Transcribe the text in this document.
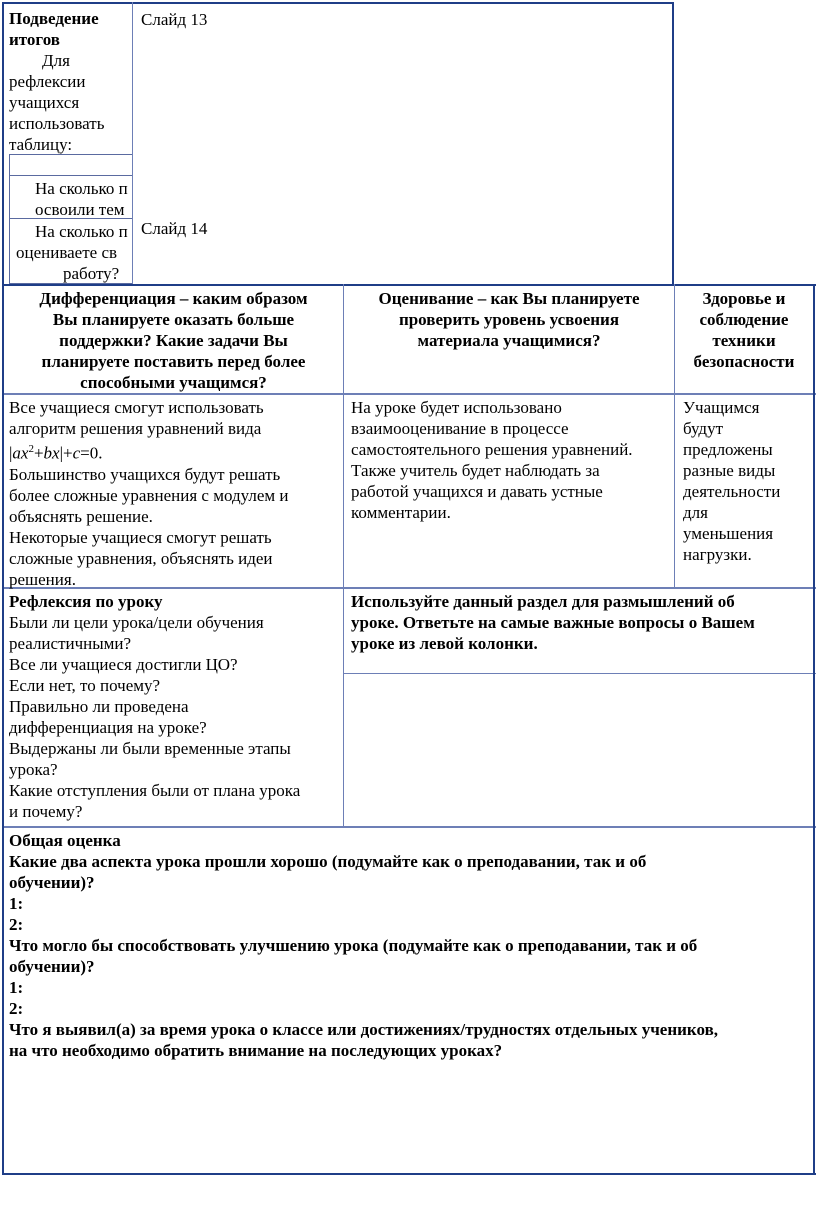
Подведение
итогов
Для
рефлексии
учащихся
использовать
таблицу:
На сколько п
освоили тем
На сколько п
оцениваете св
работу?
Слайд 13
Слайд 14
Дифференциация – каким образом
Вы планируете оказать больше
поддержки? Какие задачи Вы
планируете поставить перед более
способными учащимся?
Оценивание – как Вы планируете
проверить уровень усвоения
материала учащимися?
Здоровье и
соблюдение
техники
безопасности
Все учащиеся смогут использовать
алгоритм решения уравнений вида
$|ax^2+bx|+c=0$.
Большинство учащихся будут решать
более сложные уравнения с модулем и
объяснять решение.
Некоторые учащиеся смогут решать
сложные уравнения, объяснять идеи
решения.
На уроке будет использовано
взаимооценивание в процессе
самостоятельного решения уравнений.
Также учитель будет наблюдать за
работой учащихся и давать устные
комментарии.
Учащимся
будут
предложены
разные виды
деятельности
для
уменьшения
нагрузки.
Рефлексия по уроку
Были ли цели урока/цели обучения
реалистичными?
Все ли учащиеся достигли ЦО?
Если нет, то почему?
Правильно ли проведена
дифференциация на уроке?
Выдержаны ли были временные этапы
урока?
Какие отступления были от плана урока
и почему?
Используйте данный раздел для размышлений об
уроке. Ответьте на самые важные вопросы о Вашем
уроке из левой колонки.
Общая оценка
Какие два аспекта урока прошли хорошо (подумайте как о преподавании, так и об
обучении)?
1:
2:
Что могло бы способствовать улучшению урока (подумайте как о преподавании, так и об
обучении)?
1:
2:
Что я выявил(а) за время урока о классе или достижениях/трудностях отдельных учеников,
на что необходимо обратить внимание на последующих уроках?
